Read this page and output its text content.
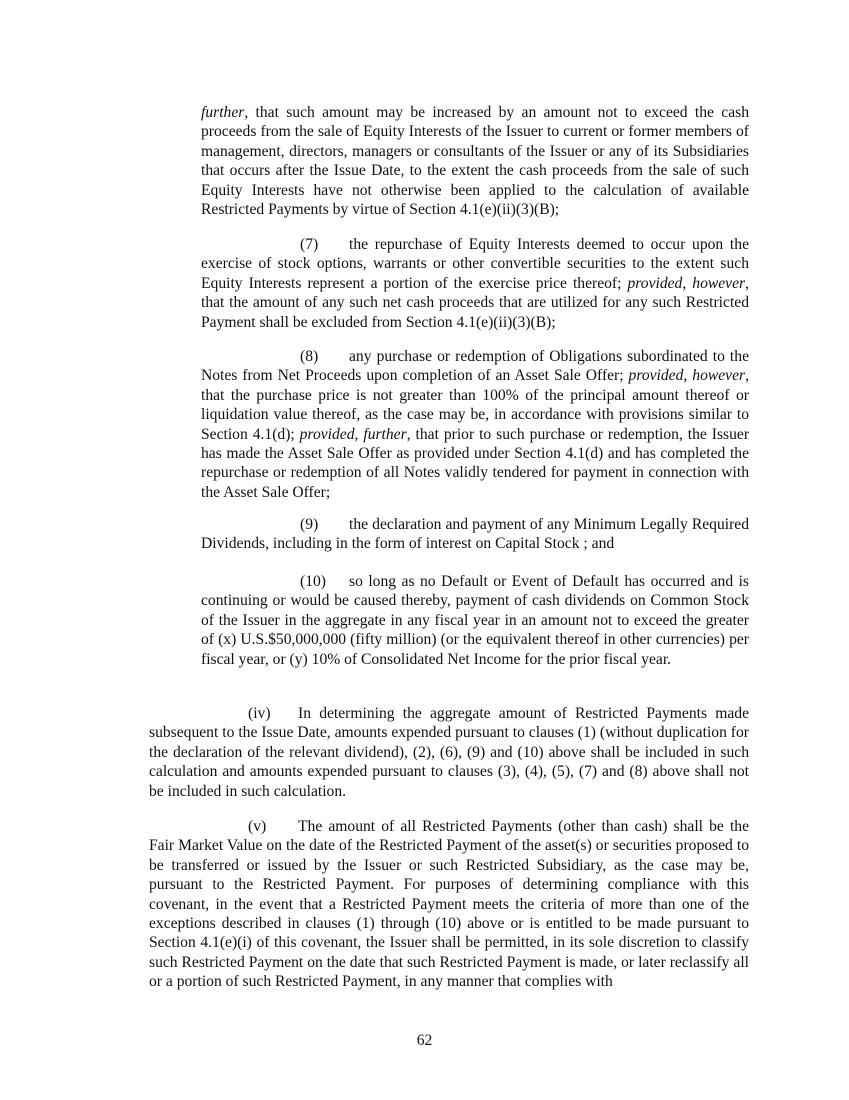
further, that such amount may be increased by an amount not to exceed the cash proceeds from the sale of Equity Interests of the Issuer to current or former members of management, directors, managers or consultants of the Issuer or any of its Subsidiaries that occurs after the Issue Date, to the extent the cash proceeds from the sale of such Equity Interests have not otherwise been applied to the calculation of available Restricted Payments by virtue of Section 4.1(e)(ii)(3)(B);

(7) the repurchase of Equity Interests deemed to occur upon the exercise of stock options, warrants or other convertible securities to the extent such Equity Interests represent a portion of the exercise price thereof; provided, however, that the amount of any such net cash proceeds that are utilized for any such Restricted Payment shall be excluded from Section 4.1(e)(ii)(3)(B);

(8) any purchase or redemption of Obligations subordinated to the Notes from Net Proceeds upon completion of an Asset Sale Offer; provided, however, that the purchase price is not greater than 100% of the principal amount thereof or liquidation value thereof, as the case may be, in accordance with provisions similar to Section 4.1(d); provided, further, that prior to such purchase or redemption, the Issuer has made the Asset Sale Offer as provided under Section 4.1(d) and has completed the repurchase or redemption of all Notes validly tendered for payment in connection with the Asset Sale Offer;

(9) the declaration and payment of any Minimum Legally Required Dividends, including in the form of interest on Capital Stock ; and

(10) so long as no Default or Event of Default has occurred and is continuing or would be caused thereby, payment of cash dividends on Common Stock of the Issuer in the aggregate in any fiscal year in an amount not to exceed the greater of (x) U.S.$50,000,000 (fifty million) (or the equivalent thereof in other currencies) per fiscal year, or (y) 10% of Consolidated Net Income for the prior fiscal year.

(iv) In determining the aggregate amount of Restricted Payments made subsequent to the Issue Date, amounts expended pursuant to clauses (1) (without duplication for the declaration of the relevant dividend), (2), (6), (9) and (10) above shall be included in such calculation and amounts expended pursuant to clauses (3), (4), (5), (7) and (8) above shall not be included in such calculation.

(v) The amount of all Restricted Payments (other than cash) shall be the Fair Market Value on the date of the Restricted Payment of the asset(s) or securities proposed to be transferred or issued by the Issuer or such Restricted Subsidiary, as the case may be, pursuant to the Restricted Payment. For purposes of determining compliance with this covenant, in the event that a Restricted Payment meets the criteria of more than one of the exceptions described in clauses (1) through (10) above or is entitled to be made pursuant to Section 4.1(e)(i) of this covenant, the Issuer shall be permitted, in its sole discretion to classify such Restricted Payment on the date that such Restricted Payment is made, or later reclassify all or a portion of such Restricted Payment, in any manner that complies with

62
